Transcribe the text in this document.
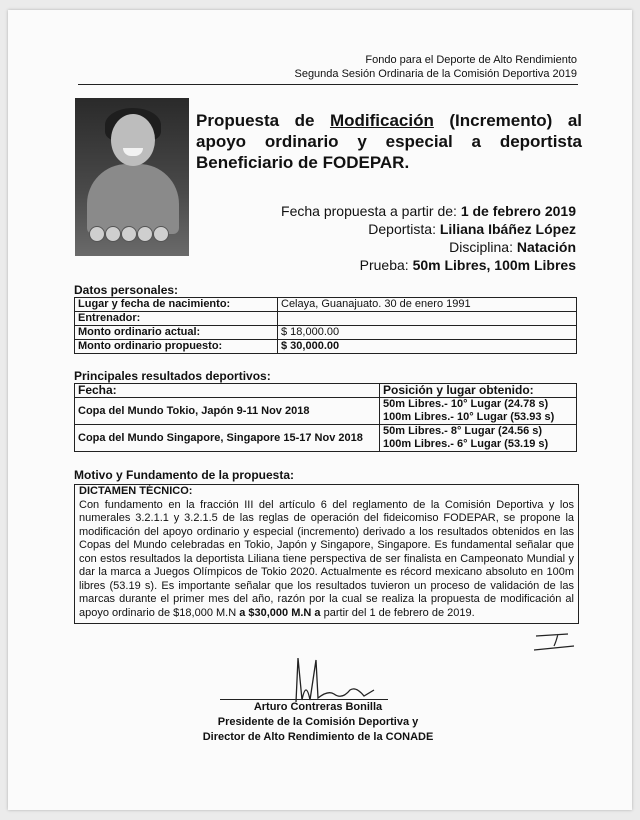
Fondo para el Deporte de Alto Rendimiento
Segunda Sesión Ordinaria de la Comisión Deportiva 2019
Propuesta de Modificación (Incremento) al apoyo ordinario y especial a deportista Beneficiario de FODEPAR.
Fecha propuesta a partir de: 1 de febrero 2019
Deportista: Liliana Ibáñez López
Disciplina: Natación
Prueba: 50m Libres, 100m Libres
Datos personales:
Lugar y fecha de nacimiento:	Celaya, Guanajuato. 30 de enero 1991
Entrenador:	
Monto ordinario actual:	$ 18,000.00
Monto ordinario propuesto:	$ 30,000.00
Principales resultados deportivos:
Fecha:	Posición y lugar obtenido:
Copa del Mundo Tokio, Japón 9-11 Nov 2018	50m Libres.- 10° Lugar (24.78 s)
100m Libres.- 10° Lugar (53.93 s)

Copa del Mundo Singapore, Singapore 15-17 Nov 2018	50m Libres.- 8° Lugar (24.56 s)
100m Libres.- 6° Lugar (53.19 s)
Motivo y Fundamento de la propuesta:
DICTAMEN TÉCNICO:
Con fundamento en la fracción III del artículo 6 del reglamento de la Comisión Deportiva y los numerales 3.2.1.1 y 3.2.1.5 de las reglas de operación del fideicomiso FODEPAR, se propone la modificación del apoyo ordinario y especial (incremento) derivado a los resultados obtenidos en las Copas del Mundo celebradas en Tokio, Japón y Singapore, Singapore. Es fundamental señalar que con estos resultados la deportista Liliana tiene perspectiva de ser finalista en Campeonato Mundial y dar la marca a Juegos Olímpicos de Tokio 2020. Actualmente es récord mexicano absoluto en 100m libres (53.19 s). Es importante señalar que los resultados tuvieron un proceso de validación de las marcas durante el primer mes del año, razón por la cual se realiza la propuesta de modificación al apoyo ordinario de $18,000 M.N a $30,000 M.N a partir del 1 de febrero de 2019.
Arturo Contreras Bonilla
Presidente de la Comisión Deportiva y
Director de Alto Rendimiento de la CONADE
